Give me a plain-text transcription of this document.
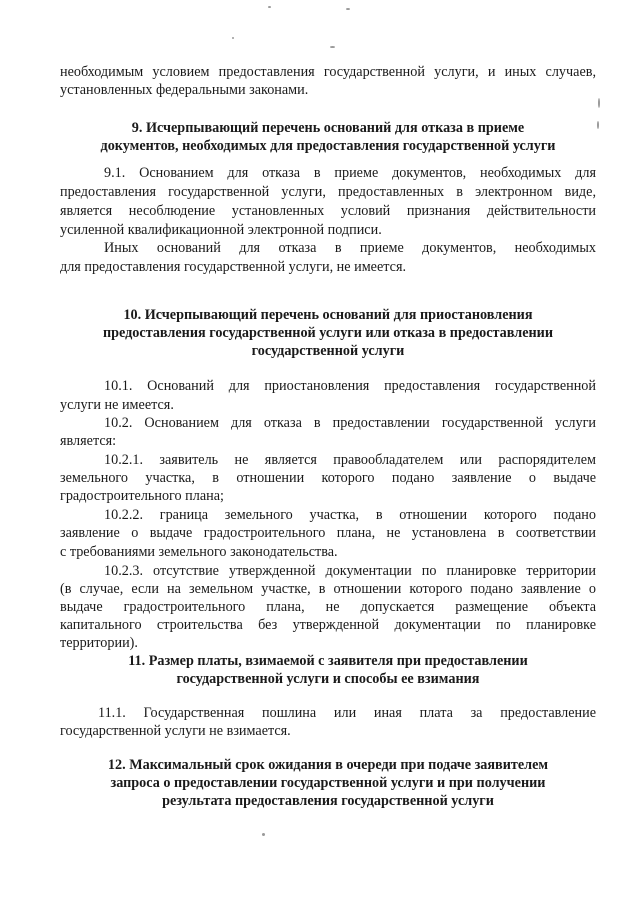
необходимым условием предоставления государственной услуги, и иных случаев,
установленных федеральными законами.
9. Исчерпывающий перечень оснований для отказа в приеме
документов, необходимых для предоставления государственной услуги
9.1. Основанием для отказа в приеме документов, необходимых для
предоставления государственной услуги, предоставленных в электронном виде,
является несоблюдение установленных условий признания действительности
усиленной квалификационной электронной подписи.
Иных оснований для отказа в приеме документов, необходимых
для предоставления государственной услуги, не имеется.
10. Исчерпывающий перечень оснований для приостановления
предоставления государственной услуги или отказа в предоставлении
государственной услуги
10.1. Оснований для приостановления предоставления государственной
услуги не имеется.
10.2. Основанием для отказа в предоставлении государственной услуги
является:
10.2.1. заявитель не является правообладателем или распорядителем
земельного участка, в отношении которого подано заявление о выдаче
градостроительного плана;
10.2.2. граница земельного участка, в отношении которого подано
заявление о выдаче градостроительного плана, не установлена в соответствии
с требованиями земельного законодательства.
10.2.3. отсутствие утвержденной документации по планировке территории
(в случае, если на земельном участке, в отношении которого подано заявление о
выдаче градостроительного плана, не допускается размещение объекта
капитального строительства без утвержденной документации по планировке
территории).
11. Размер платы, взимаемой с заявителя при предоставлении
государственной услуги и способы ее взимания
11.1. Государственная пошлина или иная плата за предоставление
государственной услуги не взимается.
12. Максимальный срок ожидания в очереди при подаче заявителем
запроса о предоставлении государственной услуги и при получении
результата предоставления государственной услуги
